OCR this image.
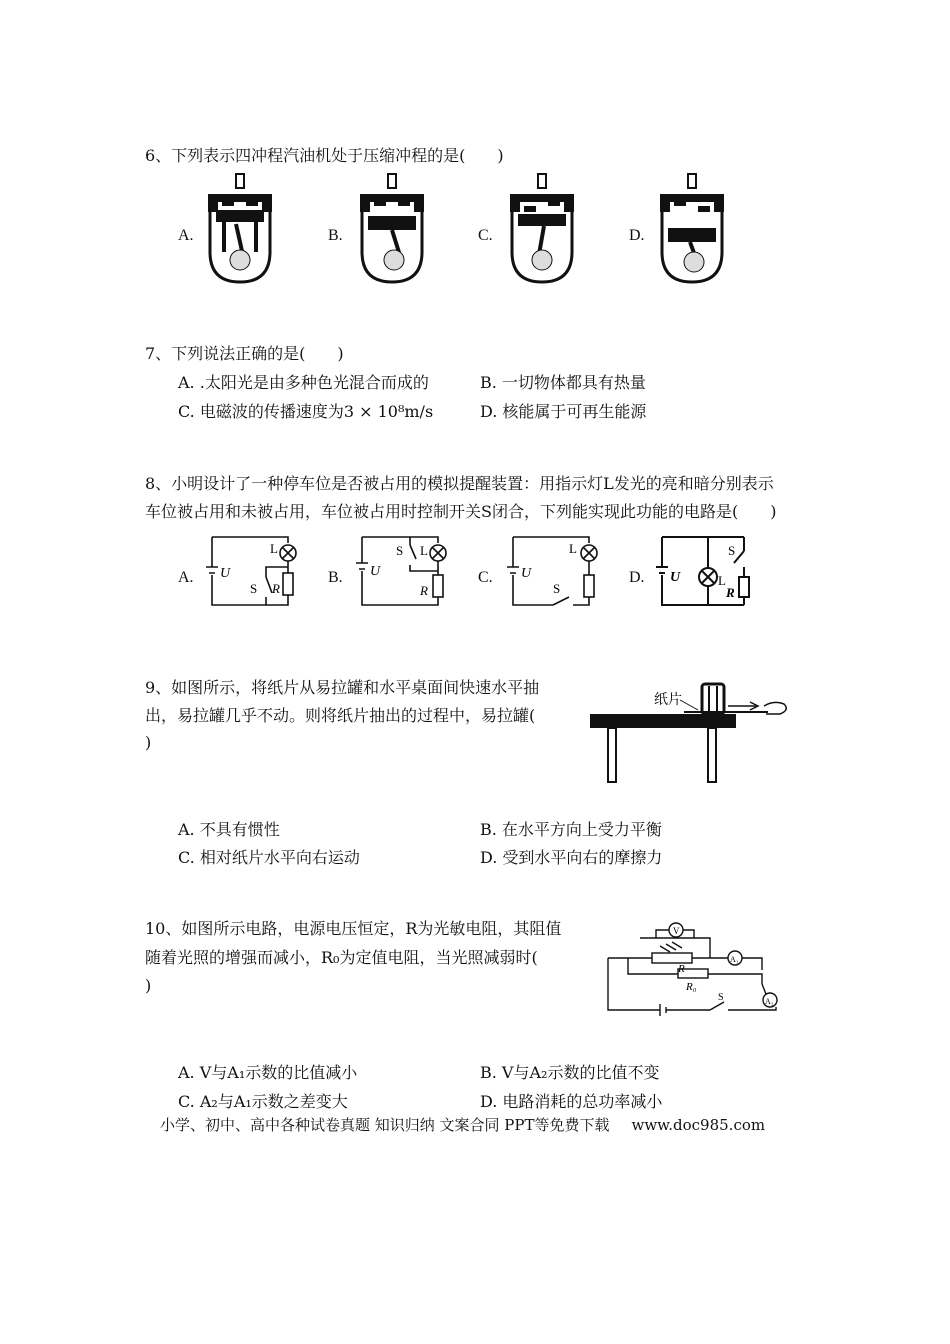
6、下列表示四冲程汽油机处于压缩冲程的是(　　)
A.	B.	C.	D.
7、下列说法正确的是(　　)
A. .太阳光是由多种色光混合而成的	B. 一切物体都具有热量
C. 电磁波的传播速度为3 × 10⁸m/s	D. 核能属于可再生能源
8、小明设计了一种停车位是否被占用的模拟提醒装置：用指示灯L发光的亮和暗分别表示
车位被占用和未被占用，车位被占用时控制开关S闭合，下列能实现此功能的电路是(　　)
A.	B.	C.	D.
U
L
S R
U
S L
R
U
L
S
U
S
L
R
9、如图所示，将纸片从易拉罐和水平桌面间快速水平抽
出，易拉罐几乎不动。则将纸片抽出的过程中，易拉罐(
)
纸片
A. 不具有惯性	B. 在水平方向上受力平衡
C. 相对纸片水平向右运动	D. 受到水平向右的摩擦力
10、如图所示电路，电源电压恒定，R为光敏电阻，其阻值
随着光照的增强而减小，R₀为定值电阻，当光照减弱时(
)
V
A₁
A₂
R
R₀
S
A. V与A₁示数的比值减小	B. V与A₂示数的比值不变
C. A₂与A₁示数之差变大	D. 电路消耗的总功率减小
小学、初中、高中各种试卷真题 知识归纳 文案合同 PPT等免费下载 www.doc985.com
